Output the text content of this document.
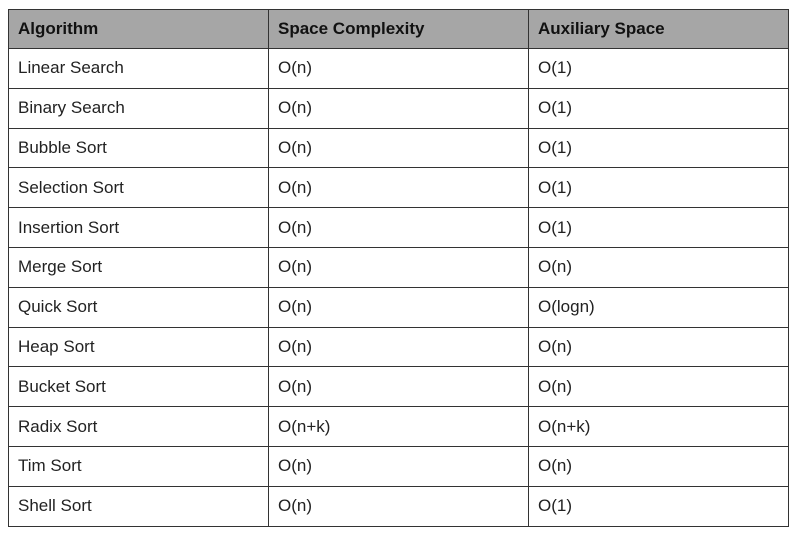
Algorithm	Space Complexity	Auxiliary Space
Linear Search	O(n)	O(1)
Binary Search	O(n)	O(1)
Bubble Sort	O(n)	O(1)
Selection Sort	O(n)	O(1)
Insertion Sort	O(n)	O(1)
Merge Sort	O(n)	O(n)
Quick Sort	O(n)	O(logn)
Heap Sort	O(n)	O(n)
Bucket Sort	O(n)	O(n)
Radix Sort	O(n+k)	O(n+k)
Tim Sort	O(n)	O(n)
Shell Sort	O(n)	O(1)
